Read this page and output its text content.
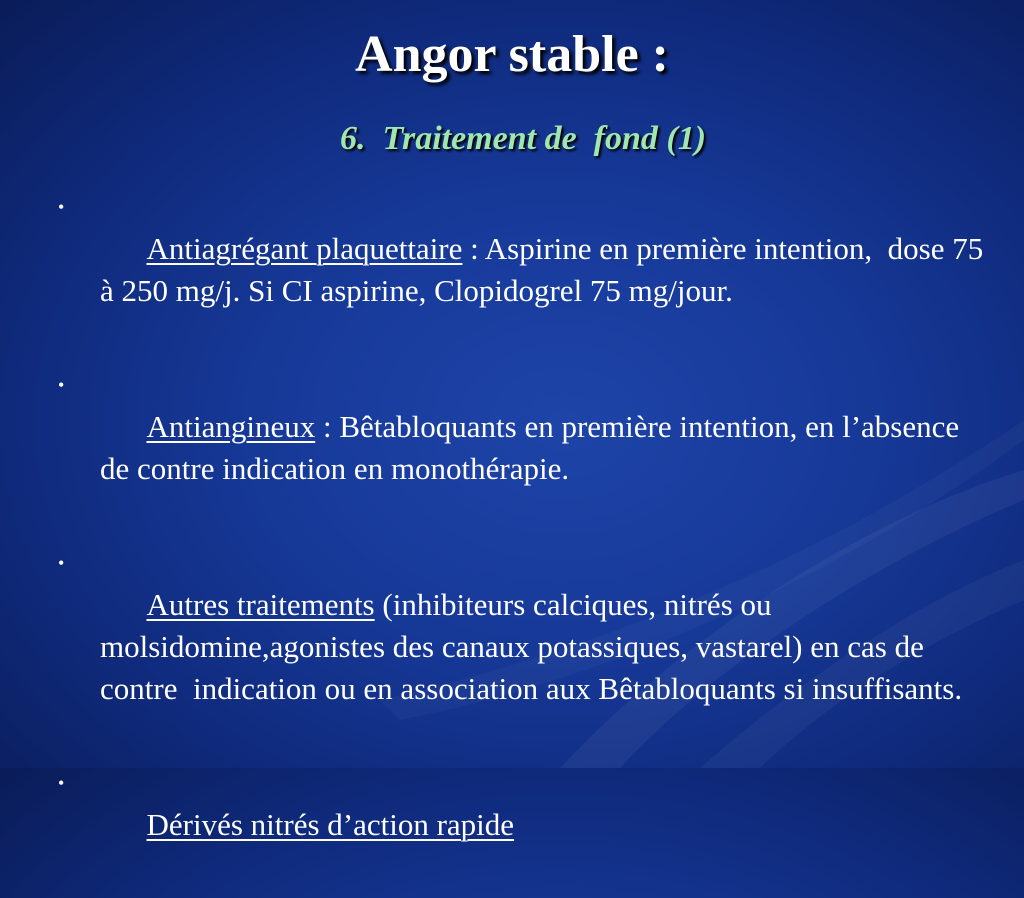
Angor stable :
6.  Traitement de  fond (1)

•
Antiagrégant plaquettaire : Aspirine en première intention,  dose 75 à 250 mg/j. Si CI aspirine, Clopidogrel 75 mg/jour.

•
Antiangineux : Bêtabloquants en première intention, en l’absence de contre indication en monothérapie.

•
Autres traitements (inhibiteurs calciques, nitrés ou molsidomine,agonistes des canaux potassiques, vastarel) en cas de contre  indication ou en association aux Bêtabloquants si insuffisants.

•
Dérivés nitrés d’action rapide
